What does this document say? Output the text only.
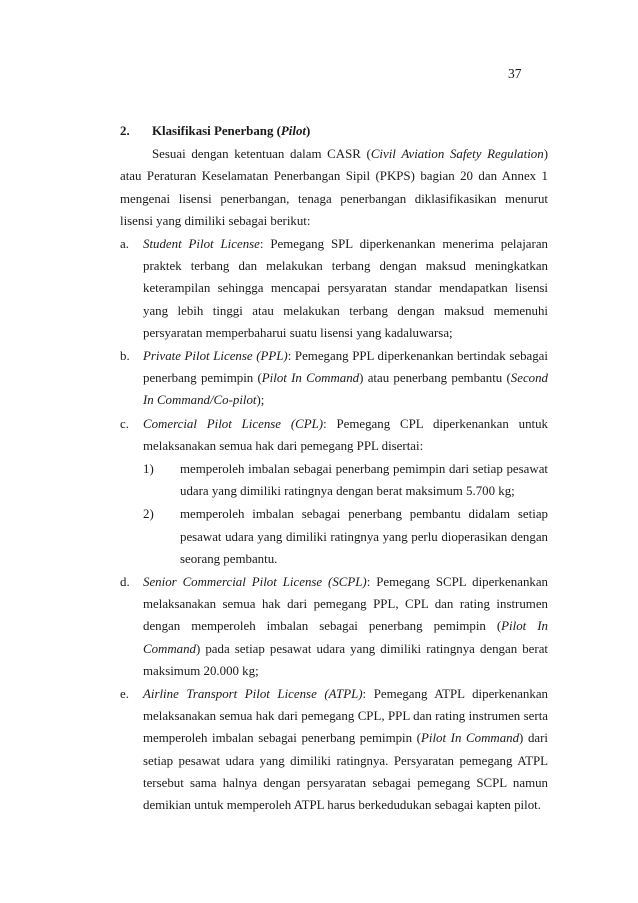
37

2. Klasifikasi Penerbang (Pilot)

Sesuai dengan ketentuan dalam CASR (Civil Aviation Safety Regulation) atau Peraturan Keselamatan Penerbangan Sipil (PKPS) bagian 20 dan Annex 1 mengenai lisensi penerbangan, tenaga penerbangan diklasifikasikan menurut lisensi yang dimiliki sebagai berikut:

a. Student Pilot License: Pemegang SPL diperkenankan menerima pelajaran praktek terbang dan melakukan terbang dengan maksud meningkatkan keterampilan sehingga mencapai persyaratan standar mendapatkan lisensi yang lebih tinggi atau melakukan terbang dengan maksud memenuhi persyaratan memperbaharui suatu lisensi yang kadaluwarsa;

b. Private Pilot License (PPL): Pemegang PPL diperkenankan bertindak sebagai penerbang pemimpin (Pilot In Command) atau penerbang pembantu (Second In Command/Co-pilot);

c. Comercial Pilot License (CPL): Pemegang CPL diperkenankan untuk melaksanakan semua hak dari pemegang PPL disertai:

1) memperoleh imbalan sebagai penerbang pemimpin dari setiap pesawat udara yang dimiliki ratingnya dengan berat maksimum 5.700 kg;

2) memperoleh imbalan sebagai penerbang pembantu didalam setiap pesawat udara yang dimiliki ratingnya yang perlu dioperasikan dengan seorang pembantu.

d. Senior Commercial Pilot License (SCPL): Pemegang SCPL diperkenankan melaksanakan semua hak dari pemegang PPL, CPL dan rating instrumen dengan memperoleh imbalan sebagai penerbang pemimpin (Pilot In Command) pada setiap pesawat udara yang dimiliki ratingnya dengan berat maksimum 20.000 kg;

e. Airline Transport Pilot License (ATPL): Pemegang ATPL diperkenankan melaksanakan semua hak dari pemegang CPL, PPL dan rating instrumen serta memperoleh imbalan sebagai penerbang pemimpin (Pilot In Command) dari setiap pesawat udara yang dimiliki ratingnya. Persyaratan pemegang ATPL tersebut sama halnya dengan persyaratan sebagai pemegang SCPL namun demikian untuk memperoleh ATPL harus berkedudukan sebagai kapten pilot.
